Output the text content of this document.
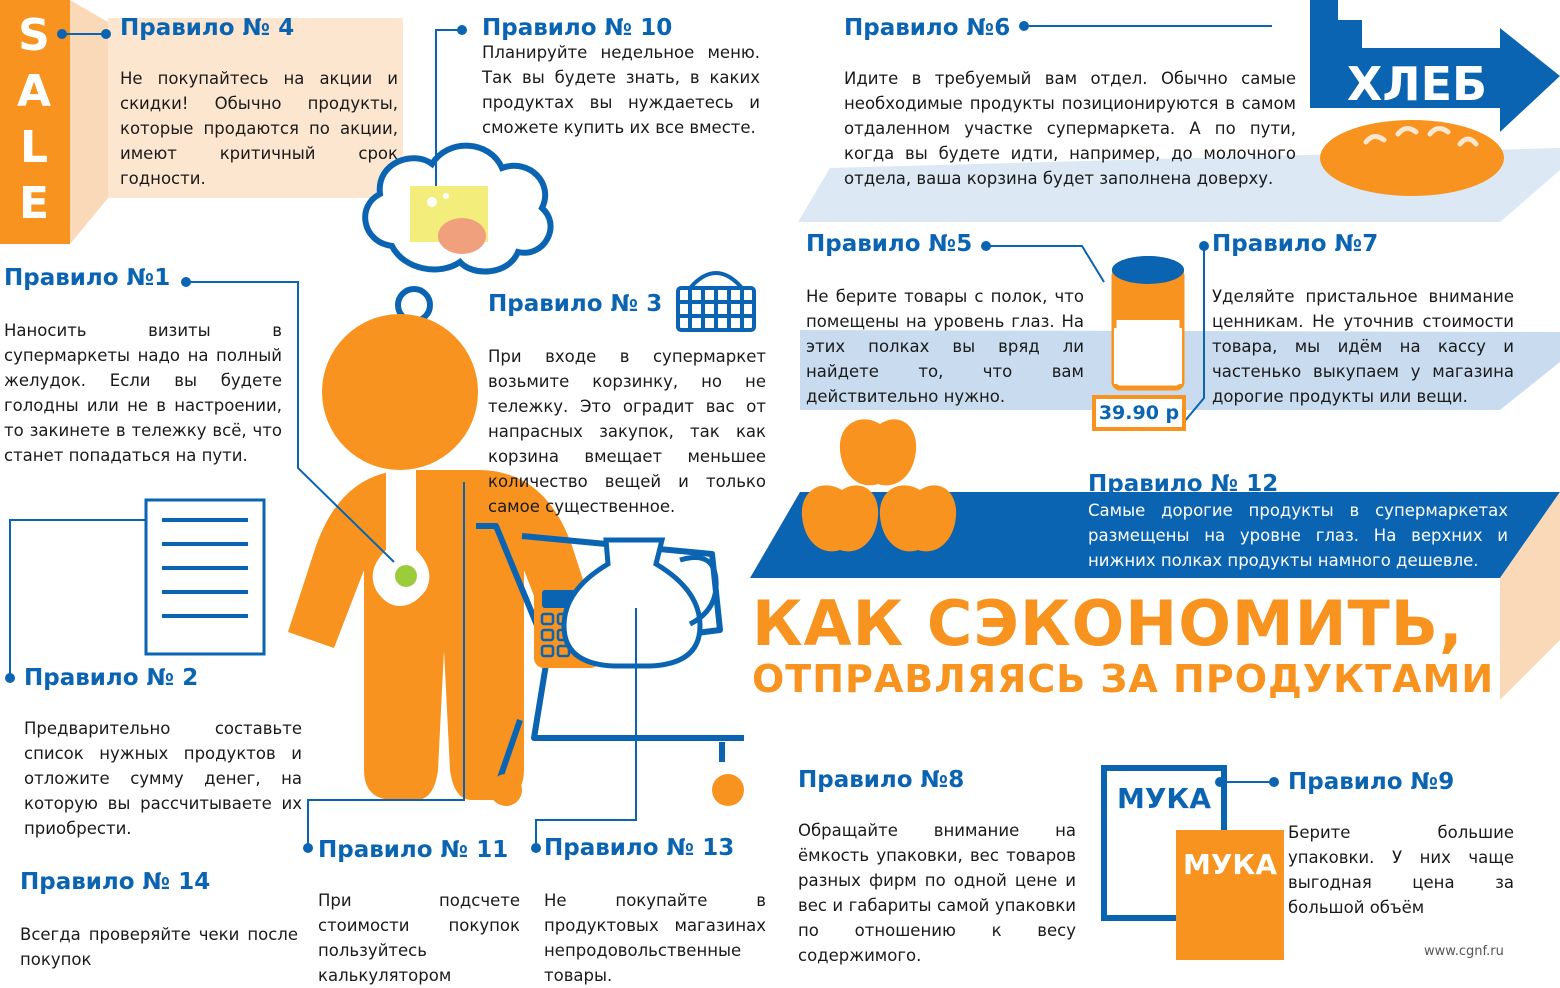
S
A
L
E
ХЛЕБ
39.90 р
МУКА
МУКА
КАК СЭКОНОМИТЬ,
ОТПРАВЛЯЯСЬ ЗА ПРОДУКТАМИ
Правило № 4
Не покупайтесь на акции и скидки! Обычно продукты, которые продаются по акции, имеют критичный срок годности.
Правило № 10
Планируйте недельное меню. Так вы будете знать, в каких продуктах вы нуждаетесь и сможете купить их все вместе.
Правило №6
Идите в требуемый вам отдел. Обычно самые необходимые продукты позиционируются в самом отдаленном участке супермаркета. А по пути, когда вы будете идти, например, до молочного отдела, ваша корзина будет заполнена доверху.
Правило №1
Наносить визиты в супермаркеты надо на полный желудок. Если вы будете голодны или не в настроении, то закинете в тележку всё, что станет попадаться на пути.
Правило № 3
При входе в супермаркет возьмите корзинку, но не тележку. Это оградит вас от напрасных закупок, так как корзина вмещает меньшее количество вещей и только самое существенное.
Правило №5
Не берите товары с полок, что помещены на уровень глаз. На этих полках вы вряд ли найдете то, что вам действительно нужно.
Правило №7
Уделяйте пристальное внимание ценникам. Не уточнив стоимости товара, мы идём на кассу и частенько выкупаем у магазина дорогие продукты или вещи.
Правило № 12
Самые дорогие продукты в супермаркетах размещены на уровне глаз. На верхних и нижних полках продукты намного дешевле.
Правило № 2
Предварительно составьте список нужных продуктов и отложите сумму денег, на которую вы рассчитываете их приобрести.
Правило №8
Обращайте внимание на ёмкость упаковки, вес товаров разных фирм по одной цене и вес и габариты самой упаковки по отношению к весу содержимого.
Правило №9
Берите большие упаковки. У них чаще выгодная цена за большой объём
Правило № 14
Всегда проверяйте чеки после покупок
Правило № 11
При подсчете стоимости покупок пользуйтесь калькулятором
Правило № 13
Не покупайте в продуктовых магазинах непродовольственные товары.
www.cgnf.ru
